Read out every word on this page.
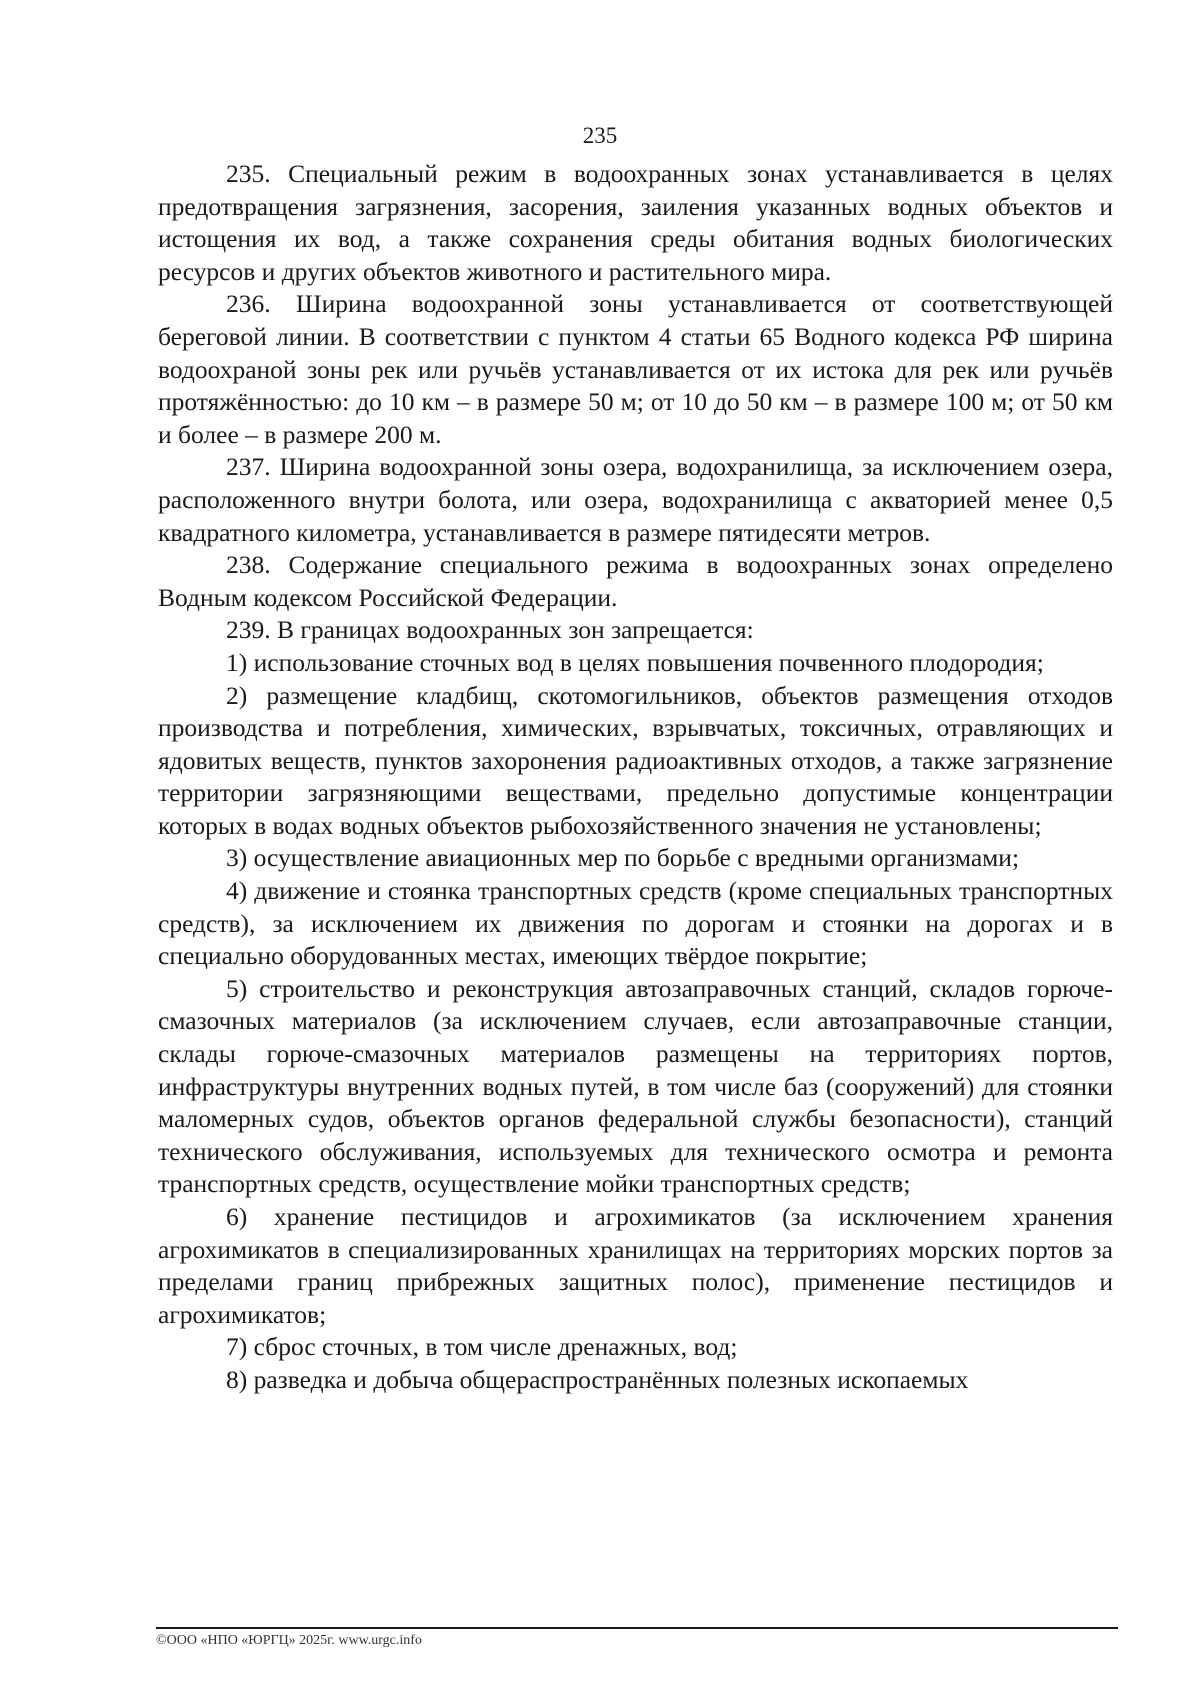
235

235. Специальный режим в водоохранных зонах устанавливается в целях предотвращения загрязнения, засорения, заиления указанных водных объектов и истощения их вод, а также сохранения среды обитания водных биологических ресурсов и других объектов животного и растительного мира.

236. Ширина водоохранной зоны устанавливается от соответствующей береговой линии. В соответствии с пунктом 4 статьи 65 Водного кодекса РФ ширина водоохраной зоны рек или ручьёв устанавливается от их истока для рек или ручьёв протяжённостью: до 10 км – в размере 50 м; от 10 до 50 км – в размере 100 м; от 50 км и более – в размере 200 м.

237. Ширина водоохранной зоны озера, водохранилища, за исключением озера, расположенного внутри болота, или озера, водохранилища с акваторией менее 0,5 квадратного километра, устанавливается в размере пятидесяти метров.

238. Содержание специального режима в водоохранных зонах определено Водным кодексом Российской Федерации.

239. В границах водоохранных зон запрещается:

1) использование сточных вод в целях повышения почвенного плодородия;

2) размещение кладбищ, скотомогильников, объектов размещения отходов производства и потребления, химических, взрывчатых, токсичных, отравляющих и ядовитых веществ, пунктов захоронения радиоактивных отходов, а также загрязнение территории загрязняющими веществами, предельно допустимые концентрации которых в водах водных объектов рыбохозяйственного значения не установлены;

3) осуществление авиационных мер по борьбе с вредными организмами;

4) движение и стоянка транспортных средств (кроме специальных транспортных средств), за исключением их движения по дорогам и стоянки на дорогах и в специально оборудованных местах, имеющих твёрдое покрытие;

5) строительство и реконструкция автозаправочных станций, складов горюче-смазочных материалов (за исключением случаев, если автозаправочные станции, склады горюче-смазочных материалов размещены на территориях портов, инфраструктуры внутренних водных путей, в том числе баз (сооружений) для стоянки маломерных судов, объектов органов федеральной службы безопасности), станций технического обслуживания, используемых для технического осмотра и ремонта транспортных средств, осуществление мойки транспортных средств;

6) хранение пестицидов и агрохимикатов (за исключением хранения агрохимикатов в специализированных хранилищах на территориях морских портов за пределами границ прибрежных защитных полос), применение пестицидов и агрохимикатов;

7) сброс сточных, в том числе дренажных, вод;

8) разведка и добыча общераспространённых полезных ископаемых

©ООО «НПО «ЮРГЦ» 2025г. www.urgc.info
